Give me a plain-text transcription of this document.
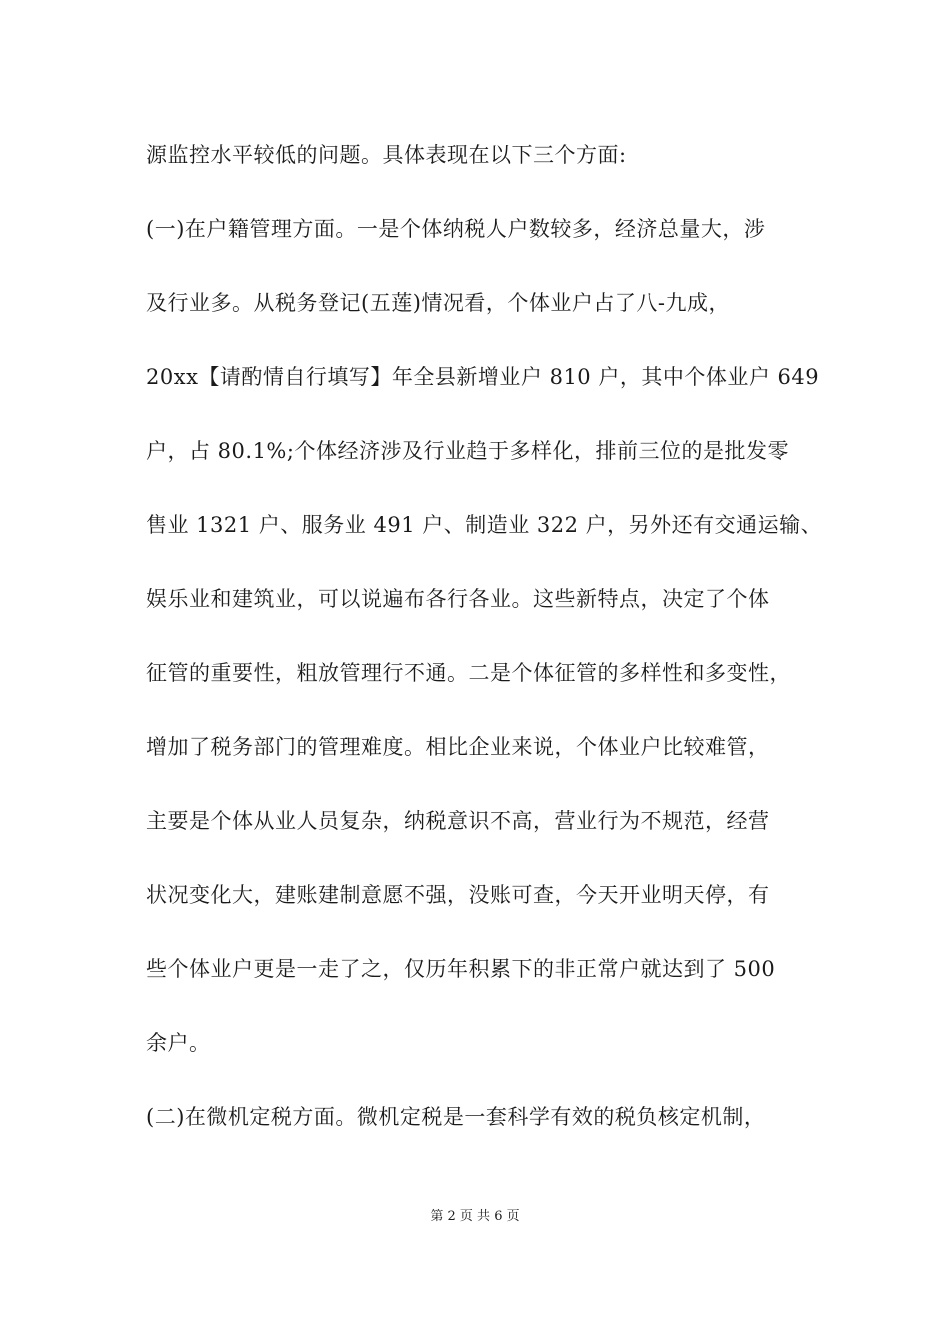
源监控水平较低的问题。具体表现在以下三个方面:
(一)在户籍管理方面。一是个体纳税人户数较多，经济总量大，涉
及行业多。从税务登记(五莲)情况看，个体业户占了八-九成，
20xx【请酌情自行填写】年全县新增业户 810 户，其中个体业户 649
户，占 80.1%;个体经济涉及行业趋于多样化，排前三位的是批发零
售业 1321 户、服务业 491 户、制造业 322 户，另外还有交通运输、
娱乐业和建筑业，可以说遍布各行各业。这些新特点，决定了个体
征管的重要性，粗放管理行不通。二是个体征管的多样性和多变性，
增加了税务部门的管理难度。相比企业来说，个体业户比较难管，
主要是个体从业人员复杂，纳税意识不高，营业行为不规范，经营
状况变化大，建账建制意愿不强，没账可查，今天开业明天停，有
些个体业户更是一走了之，仅历年积累下的非正常户就达到了 500
余户。
(二)在微机定税方面。微机定税是一套科学有效的税负核定机制，
第 2 页 共 6 页
